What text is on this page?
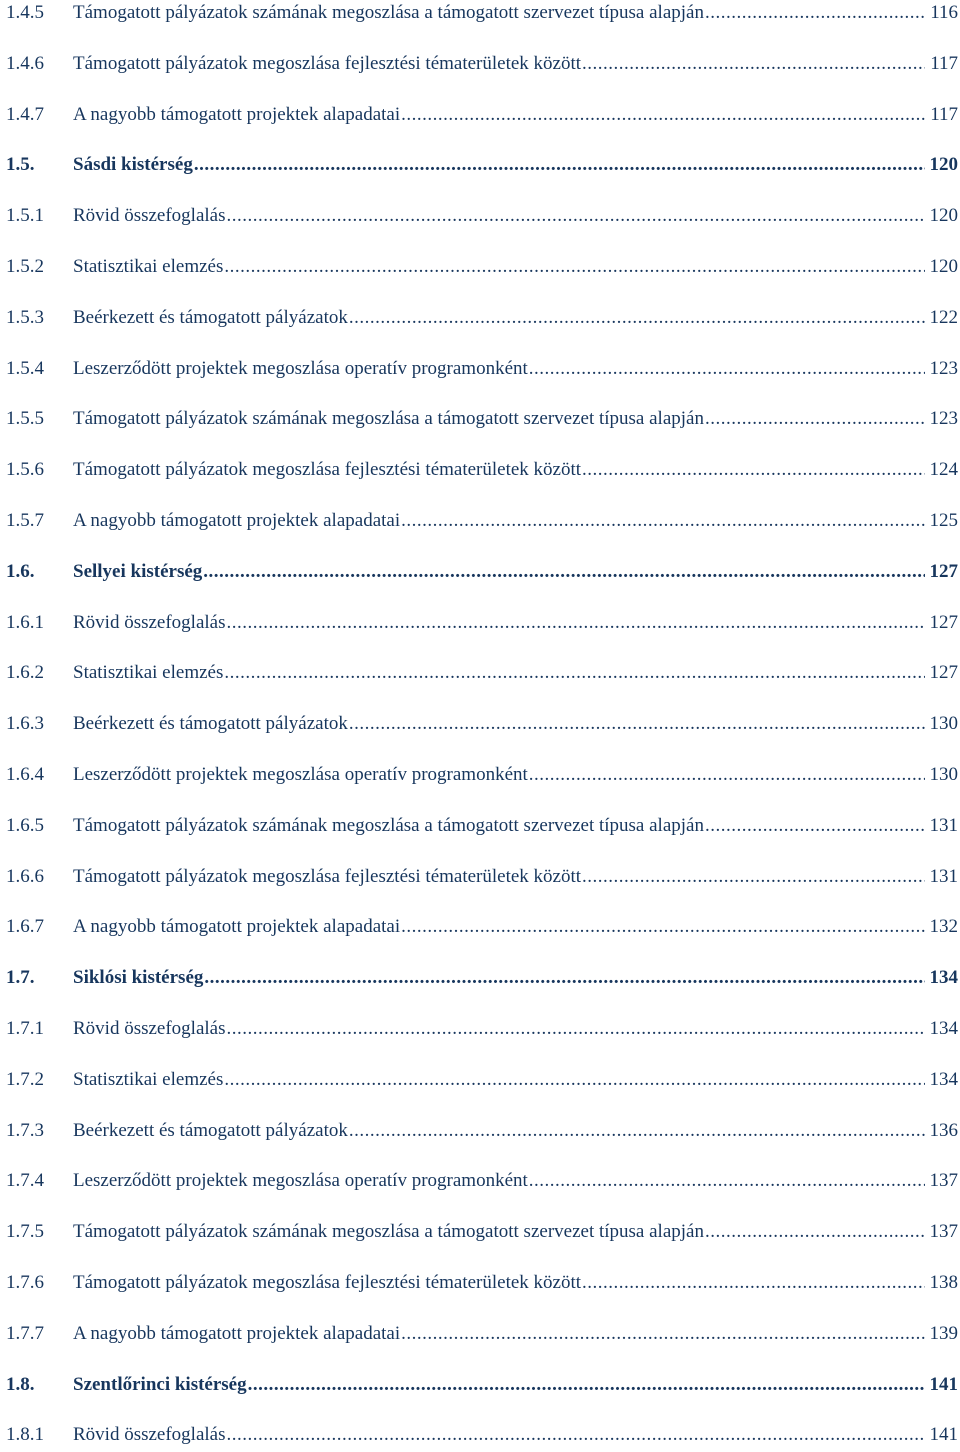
1.4.5	Támogatott pályázatok számának megoszlása a támogatott szervezet típusa alapján .....	116
1.4.6	Támogatott pályázatok megoszlása fejlesztési tématerületek között .....	117
1.4.7	A nagyobb támogatott projektek alapadatai .....	117
1.5.	Sásdi kistérség .....	120
1.5.1	Rövid összefoglalás .....	120
1.5.2	Statisztikai elemzés .....	120
1.5.3	Beérkezett és támogatott pályázatok .....	122
1.5.4	Leszerződött projektek megoszlása operatív programonként .....	123
1.5.5	Támogatott pályázatok számának megoszlása a támogatott szervezet típusa alapján .....	123
1.5.6	Támogatott pályázatok megoszlása fejlesztési tématerületek között .....	124
1.5.7	A nagyobb támogatott projektek alapadatai .....	125
1.6.	Sellyei kistérség .....	127
1.6.1	Rövid összefoglalás .....	127
1.6.2	Statisztikai elemzés .....	127
1.6.3	Beérkezett és támogatott pályázatok .....	130
1.6.4	Leszerződött projektek megoszlása operatív programonként .....	130
1.6.5	Támogatott pályázatok számának megoszlása a támogatott szervezet típusa alapján .....	131
1.6.6	Támogatott pályázatok megoszlása fejlesztési tématerületek között .....	131
1.6.7	A nagyobb támogatott projektek alapadatai .....	132
1.7.	Siklósi kistérség .....	134
1.7.1	Rövid összefoglalás .....	134
1.7.2	Statisztikai elemzés .....	134
1.7.3	Beérkezett és támogatott pályázatok .....	136
1.7.4	Leszerződött projektek megoszlása operatív programonként .....	137
1.7.5	Támogatott pályázatok számának megoszlása a támogatott szervezet típusa alapján .....	137
1.7.6	Támogatott pályázatok megoszlása fejlesztési tématerületek között .....	138
1.7.7	A nagyobb támogatott projektek alapadatai .....	139
1.8.	Szentlőrinci kistérség .....	141
1.8.1	Rövid összefoglalás .....	141
